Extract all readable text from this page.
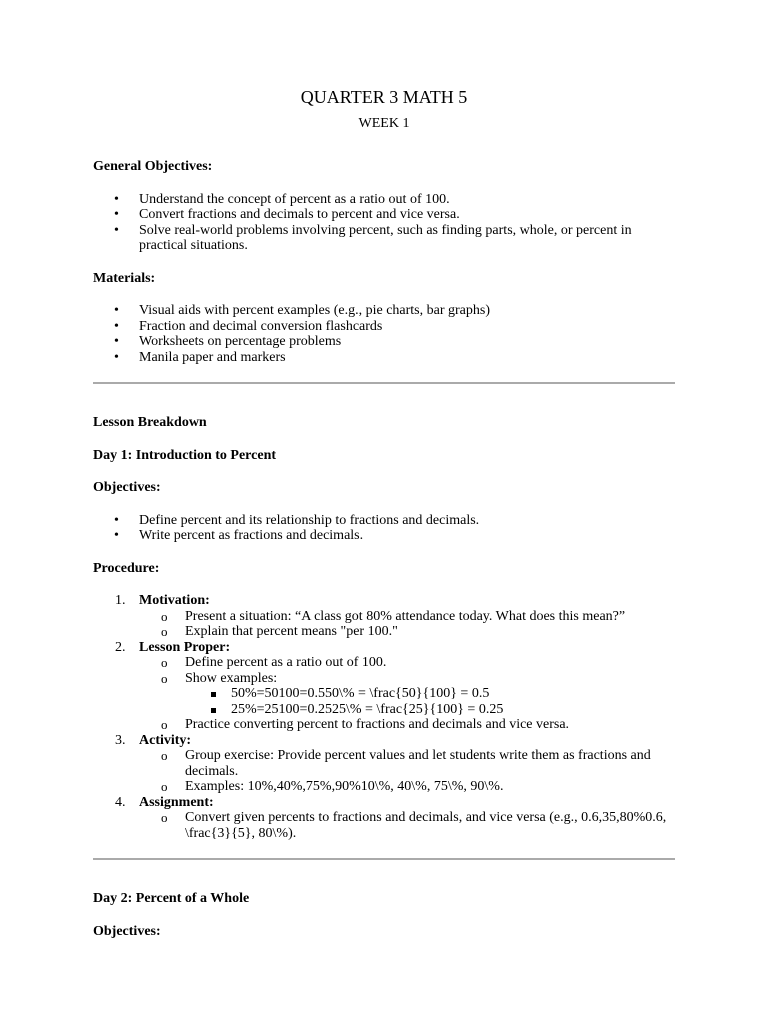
QUARTER 3 MATH 5

WEEK 1

General Objectives:

• Understand the concept of percent as a ratio out of 100.
• Convert fractions and decimals to percent and vice versa.
• Solve real-world problems involving percent, such as finding parts, whole, or percent in practical situations.

Materials:

• Visual aids with percent examples (e.g., pie charts, bar graphs)
• Fraction and decimal conversion flashcards
• Worksheets on percentage problems
• Manila paper and markers

Lesson Breakdown

Day 1: Introduction to Percent

Objectives:

• Define percent and its relationship to fractions and decimals.
• Write percent as fractions and decimals.

Procedure:

1. Motivation:
o Present a situation: “A class got 80% attendance today. What does this mean?”
o Explain that percent means "per 100."
2. Lesson Proper:
o Define percent as a ratio out of 100.
o Show examples:
50%=50100=0.550\% = \frac{50}{100} = 0.5
25%=25100=0.2525\% = \frac{25}{100} = 0.25
o Practice converting percent to fractions and decimals and vice versa.
3. Activity:
o Group exercise: Provide percent values and let students write them as fractions and decimals.
o Examples: 10%,40%,75%,90%10\%, 40\%, 75\%, 90\%.
4. Assignment:
o Convert given percents to fractions and decimals, and vice versa (e.g., 0.6,35,80%0.6, \frac{3}{5}, 80\%).

Day 2: Percent of a Whole

Objectives:
